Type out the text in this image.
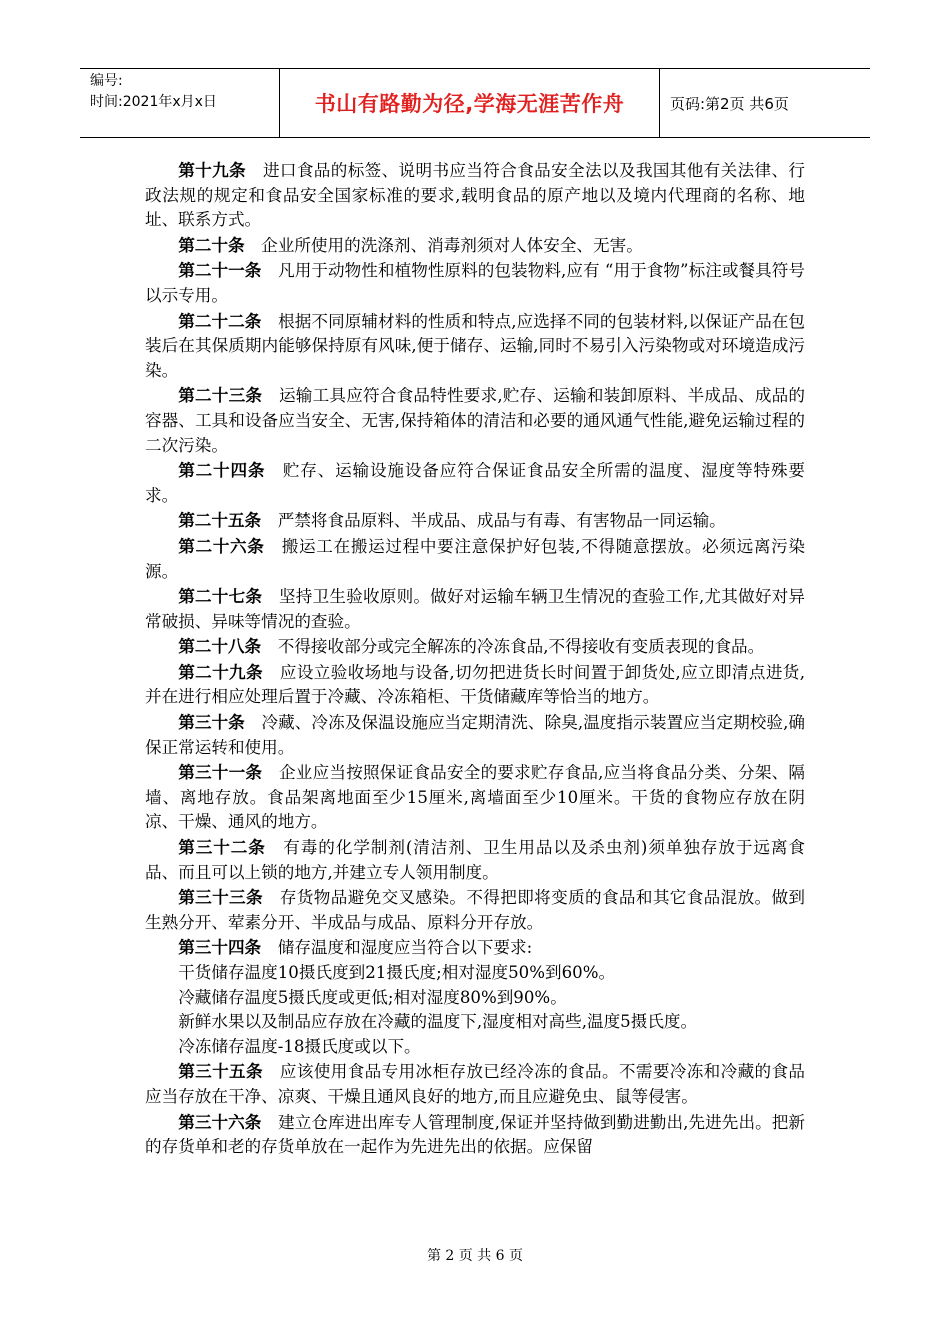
编号:
时间:2021年x月x日	书山有路勤为径,学海无涯苦作舟	页码:第2页 共6页

第十九条　 进口食品的标签、说明书应当符合食品安全法以及我国其他有关法律、行政法规的规定和食品安全国家标准的要求,载明食品的原产地以及境内代理商的名称、地址、联系方式。

第二十条　 企业所使用的洗涤剂、消毒剂须对人体安全、无害。

第二十一条　 凡用于动物性和植物性原料的包装物料,应有 “用于食物”标注或餐具符号以示专用。

第二十二条　 根据不同原辅材料的性质和特点,应选择不同的包装材料,以保证产品在包装后在其保质期内能够保持原有风味,便于储存、运输,同时不易引入污染物或对环境造成污染。

第二十三条　 运输工具应符合食品特性要求,贮存、运输和装卸原料、半成品、成品的容器、工具和设备应当安全、无害,保持箱体的清洁和必要的通风通气性能,避免运输过程的二次污染。

第二十四条　 贮存、运输设施设备应符合保证食品安全所需的温度、湿度等特殊要求。

第二十五条　 严禁将食品原料、半成品、成品与有毒、有害物品一同运输。

第二十六条　 搬运工在搬运过程中要注意保护好包装,不得随意摆放。必须远离污染源。

第二十七条　 坚持卫生验收原则。做好对运输车辆卫生情况的查验工作,尤其做好对异常破损、异味等情况的查验。

第二十八条　 不得接收部分或完全解冻的冷冻食品,不得接收有变质表现的食品。

第二十九条　 应设立验收场地与设备,切勿把进货长时间置于卸货处,应立即清点进货,并在进行相应处理后置于冷藏、冷冻箱柜、干货储藏库等恰当的地方。

第三十条　 冷藏、冷冻及保温设施应当定期清洗、除臭,温度指示装置应当定期校验,确保正常运转和使用。

第三十一条　 企业应当按照保证食品安全的要求贮存食品,应当将食品分类、分架、隔墙、离地存放。食品架离地面至少15厘米,离墙面至少10厘米。干货的食物应存放在阴凉、干燥、通风的地方。

第三十二条　 有毒的化学制剂(清洁剂、卫生用品以及杀虫剂)须单独存放于远离食品、而且可以上锁的地方,并建立专人领用制度。

第三十三条　 存货物品避免交叉感染。不得把即将变质的食品和其它食品混放。做到生熟分开、荤素分开、半成品与成品、原料分开存放。

第三十四条　 储存温度和湿度应当符合以下要求:

干货储存温度10摄氏度到21摄氏度;相对湿度50%到60%。

冷藏储存温度5摄氏度或更低;相对湿度80%到90%。

新鲜水果以及制品应存放在冷藏的温度下,湿度相对高些,温度5摄氏度。

冷冻储存温度-18摄氏度或以下。

第三十五条　 应该使用食品专用冰柜存放已经冷冻的食品。不需要冷冻和冷藏的食品应当存放在干净、凉爽、干燥且通风良好的地方,而且应避免虫、鼠等侵害。

第三十六条　 建立仓库进出库专人管理制度,保证并坚持做到勤进勤出,先进先出。把新的存货单和老的存货单放在一起作为先进先出的依据。应保留

第 2 页 共 6 页
